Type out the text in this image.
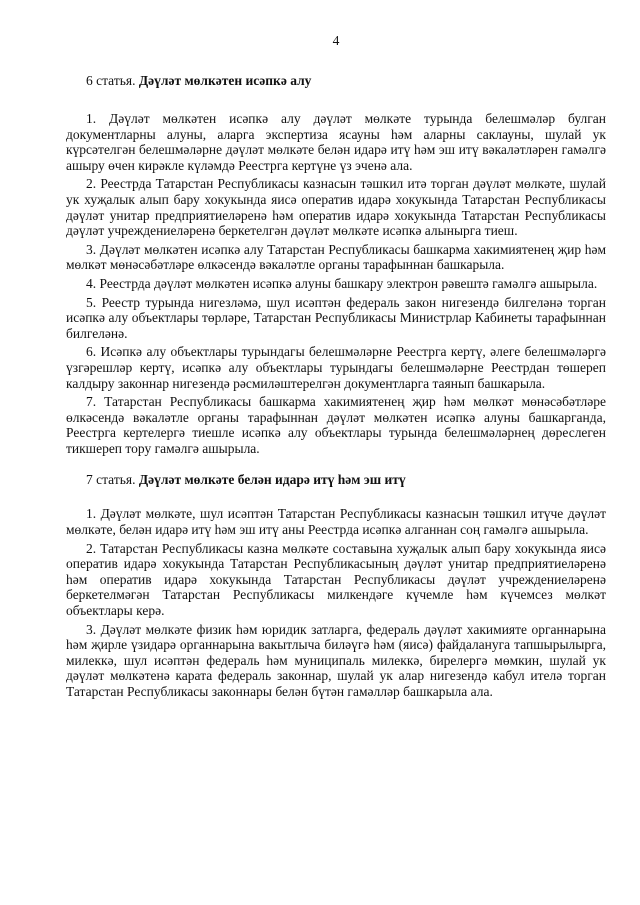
4
6 статья. Дәүләт мөлкәтен исәпкә алу

1. Дәүләт мөлкәтен исәпкә алу дәүләт мөлкәте турында белешмәләр булган документларны алуны, аларга экспертиза ясауны һәм аларны саклауны, шулай ук күрсәтелгән белешмәләрне дәүләт мөлкәте белән идарә итү һәм эш итү вәкаләтләрен гамәлгә ашыру өчен кирәкле күләмдә Реестрга кертүне үз эченә ала.

2. Реестрда Татарстан Республикасы казнасын тәшкил итә торган дәүләт мөлкәте, шулай ук хуҗалык алып бару хокукында яисә оператив идарә хокукында Татарстан Республикасы дәүләт унитар предприятиеләренә һәм оператив идарә хокукында Татарстан Республикасы дәүләт учреждениеләренә беркетелгән дәүләт мөлкәте исәпкә алынырга тиеш.

3. Дәүләт мөлкәтен исәпкә алу Татарстан Республикасы башкарма хакимиятенең җир һәм мөлкәт мөнәсәбәтләре өлкәсендә вәкаләтле органы тарафыннан башкарыла.

4. Реестрда дәүләт мөлкәтен исәпкә алуны башкару электрон рәвештә гамәлгә ашырыла.

5. Реестр турында нигезләмә, шул исәптән федераль закон нигезендә билгеләнә торган исәпкә алу объектлары төрләре, Татарстан Республикасы Министрлар Кабинеты тарафыннан билгеләнә.

6. Исәпкә алу объектлары турындагы белешмәләрне Реестрга кертү, әлеге белешмәләргә үзгәрешләр кертү, исәпкә алу объектлары турындагы белешмәләрне Реестрдан төшереп калдыру законнар нигезендә рәсмиләштерелгән документларга таянып башкарыла.

7. Татарстан Республикасы башкарма хакимиятенең җир һәм мөлкәт мөнәсәбәтләре өлкәсендә вәкаләтле органы тарафыннан дәүләт мөлкәтен исәпкә алуны башкарганда, Реестрга кертелергә тиешле исәпкә алу объектлары турында белешмәләрнең дөреслеген тикшереп тору гамәлгә ашырыла.

7 статья. Дәүләт мөлкәте белән идарә итү һәм эш итү

1. Дәүләт мөлкәте, шул исәптән Татарстан Республикасы казнасын тәшкил итүче дәүләт мөлкәте, белән идарә итү һәм эш итү аны Реестрда исәпкә алганнан соң гамәлгә ашырыла.

2. Татарстан Республикасы казна мөлкәте составына хуҗалык алып бару хокукында яисә оператив идарә хокукында Татарстан Республикасының дәүләт унитар предприятиеләренә һәм оператив идарә хокукында Татарстан Республикасы дәүләт учреждениеләренә беркетелмәгән Татарстан Республикасы милкендәге күчемле һәм күчемсез мөлкәт объектлары керә.

3. Дәүләт мөлкәте физик һәм юридик затларга, федераль дәүләт хакимияте органнарына һәм җирле үзидарә органнарына вакытлыча биләүгә һәм (яисә) файдалануга тапшырылырга, милеккә, шул исәптән федераль һәм муниципаль милеккә, бирелергә мөмкин, шулай ук дәүләт мөлкәтенә карата федераль законнар, шулай ук алар нигезендә кабул ителә торган Татарстан Республикасы законнары белән бүтән гамәлләр башкарыла ала.
